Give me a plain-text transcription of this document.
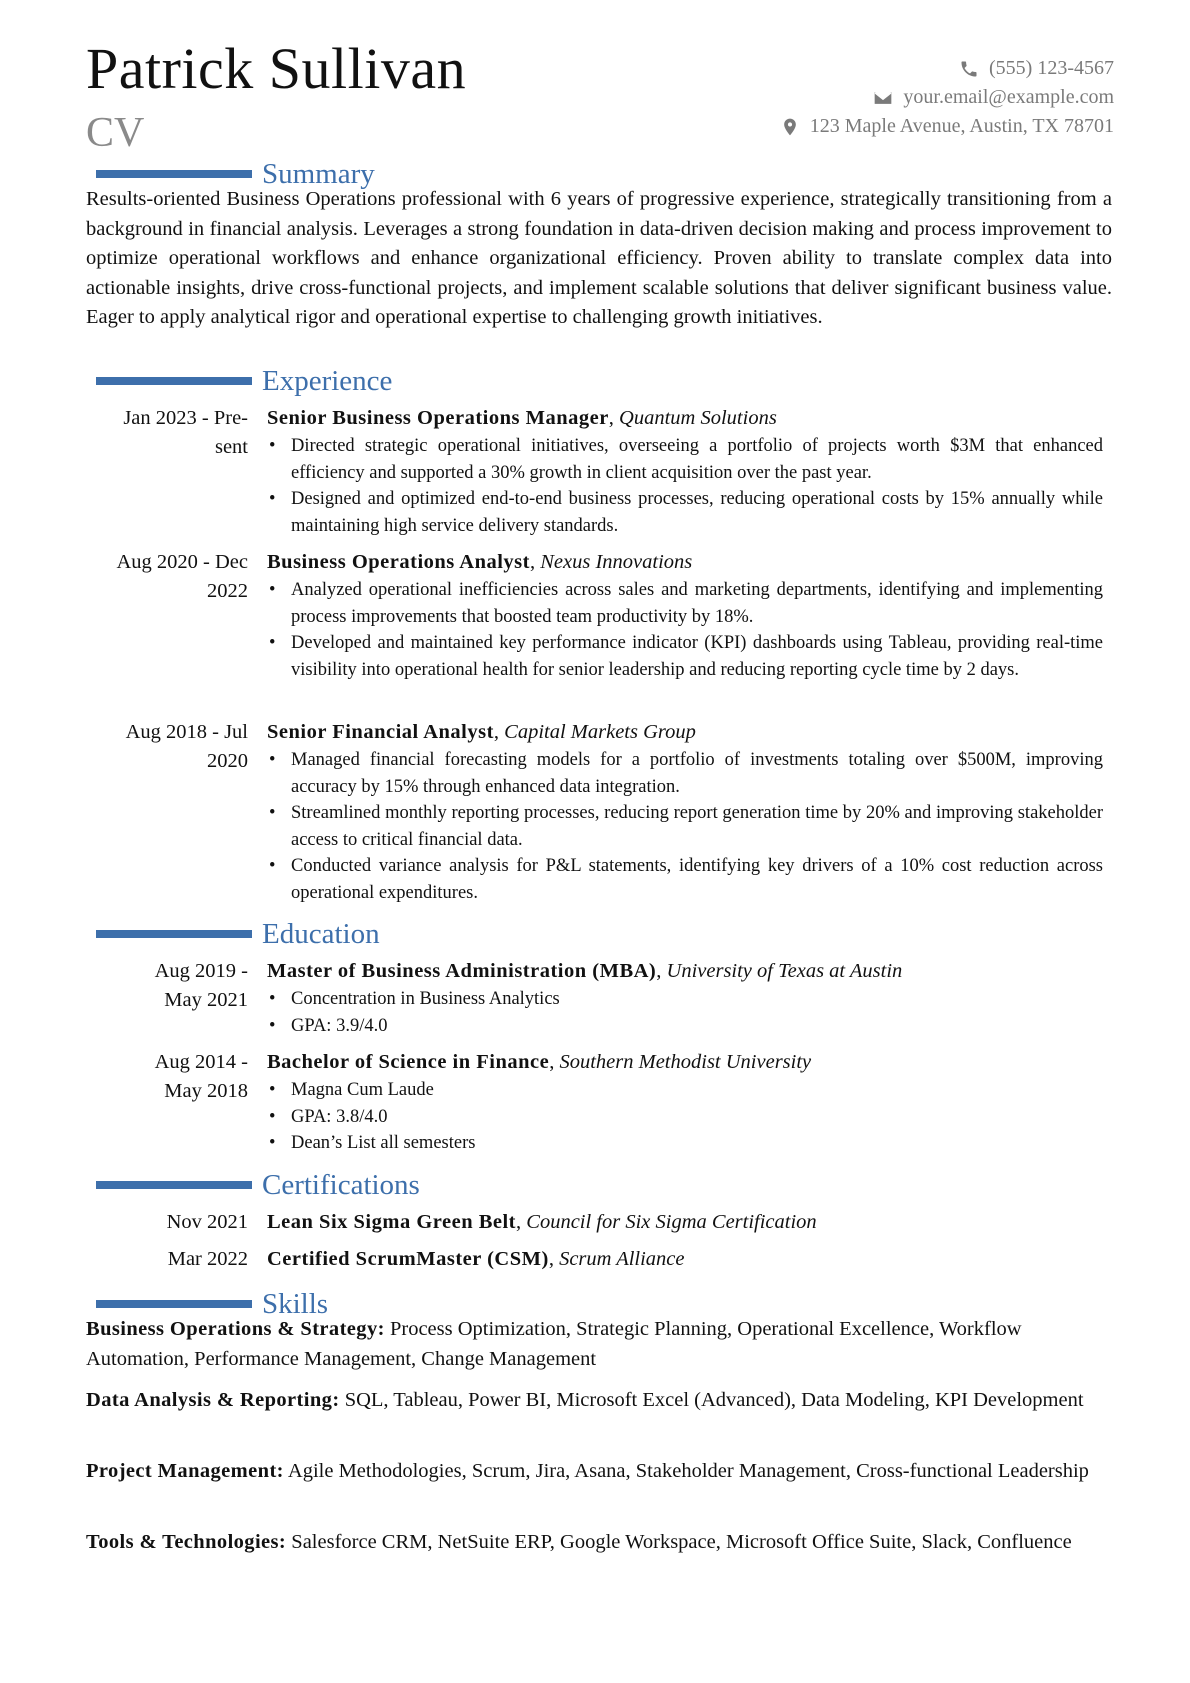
Patrick Sullivan
CV
(555) 123-4567
your.email@example.com
123 Maple Avenue, Austin, TX 78701
Summary
Results-oriented Business Operations professional with 6 years of progressive experience, strategically transitioning from a background in financial analysis. Leverages a strong foundation in data-driven decision making and process improvement to optimize operational workflows and enhance organizational efficiency. Proven ability to translate complex data into actionable insights, drive cross-functional projects, and implement scalable solutions that deliver significant business value. Eager to apply analytical rigor and operational expertise to challenging growth initiatives.
Experience
Jan 2023 - Pre-
sent
Senior Business Operations Manager, Quantum Solutions
• Directed strategic operational initiatives, overseeing a portfolio of projects worth $3M that enhanced efficiency and supported a 30% growth in client acquisition over the past year.
• Designed and optimized end-to-end business processes, reducing operational costs by 15% annually while maintaining high service delivery standards.
Aug 2020 - Dec
2022
Business Operations Analyst, Nexus Innovations
• Analyzed operational inefficiencies across sales and marketing departments, identifying and implementing process improvements that boosted team productivity by 18%.
• Developed and maintained key performance indicator (KPI) dashboards using Tableau, providing real-time visibility into operational health for senior leadership and reducing reporting cycle time by 2 days.
Aug 2018 - Jul
2020
Senior Financial Analyst, Capital Markets Group
• Managed financial forecasting models for a portfolio of investments totaling over $500M, improving accuracy by 15% through enhanced data integration.
• Streamlined monthly reporting processes, reducing report generation time by 20% and improving stakeholder access to critical financial data.
• Conducted variance analysis for P&L statements, identifying key drivers of a 10% cost reduction across operational expenditures.
Education
Aug 2019 -
May 2021
Master of Business Administration (MBA), University of Texas at Austin
• Concentration in Business Analytics
• GPA: 3.9/4.0
Aug 2014 -
May 2018
Bachelor of Science in Finance, Southern Methodist University
• Magna Cum Laude
• GPA: 3.8/4.0
• Dean’s List all semesters
Certifications
Nov 2021 Lean Six Sigma Green Belt, Council for Six Sigma Certification
Mar 2022 Certified ScrumMaster (CSM), Scrum Alliance
Skills
Business Operations & Strategy: Process Optimization, Strategic Planning, Operational Excellence, Workflow Automation, Performance Management, Change Management
Data Analysis & Reporting: SQL, Tableau, Power BI, Microsoft Excel (Advanced), Data Modeling, KPI Development
Project Management: Agile Methodologies, Scrum, Jira, Asana, Stakeholder Management, Cross-functional Leadership
Tools & Technologies: Salesforce CRM, NetSuite ERP, Google Workspace, Microsoft Office Suite, Slack, Confluence
